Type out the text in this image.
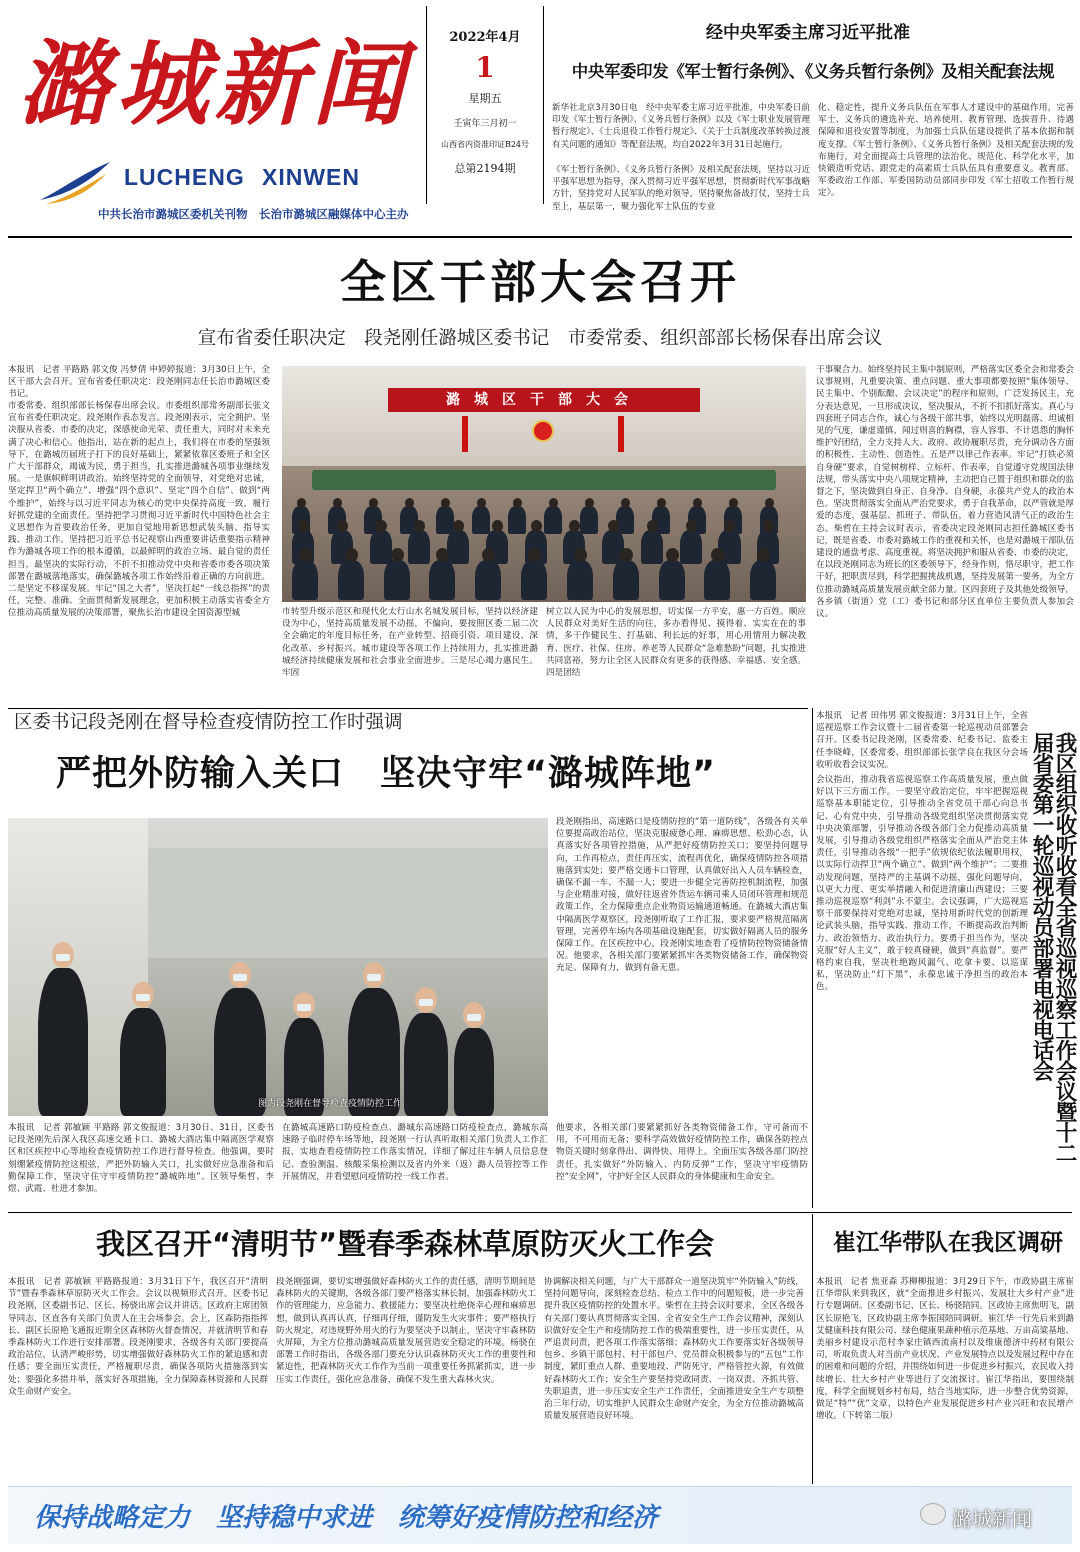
潞城新闻
LUCHENG XINWEN
中共长治市潞城区委机关刊物　长治市潞城区融媒体中心主办
2022年4月
1
星期五
壬寅年三月初一
山西省内资准印证B24号
总第2194期
经中央军委主席习近平批准
中央军委印发《军士暂行条例》、《义务兵暂行条例》及相关配套法规
新华社北京3月30日电　经中央军委主席习近平批准，中央军委日前印发《军士暂行条例》、《义务兵暂行条例》以及《军士职业发展管理暂行规定》、《士兵退役工作暂行规定》、《关于士兵制度改革转换过渡有关问题的通知》等配套法规，均自2022年3月31日起施行。
《军士暂行条例》、《义务兵暂行条例》及相关配套法规，坚持以习近平强军思想为指导，深入贯彻习近平强军思想，贯彻新时代军事战略方针，坚持党对人民军队的绝对领导，坚持聚焦备战打仗，坚持士兵至上，基层第一，聚力强化军士队伍的专业
化、稳定性，提升义务兵队伍在军事人才建设中的基础作用，完善军士、义务兵的遴选补充、培养使用、教育管理、选拔晋升、待遇保障和退役安置等制度，为加强士兵队伍建设提供了基本依据和制度支撑。《军士暂行条例》、《义务兵暂行条例》及相关配套法规的发布施行，对全面提高士兵管理的法治化、规范化、科学化水平，加快锻造听党话、跟党走的高素质士兵队伍具有重要意义。教育部、军委政治工作部、军委国防动员部同步印发《军士招收工作暂行规定》。
全区干部大会召开
宣布省委任职决定　段尧刚任潞城区委书记　市委常委、组织部部长杨保春出席会议
本报讯　记者 平路路 郭文俊 冯梦倩 申婷婷报道：3月30日上午，全区干部大会召开。宣布省委任职决定：段尧刚同志任长治市潞城区委书记。
市委常委、组织部部长杨保春出席会议。市委组织部常务副部长张文宣布省委任职决定。段尧刚作表态发言。段尧刚表示，完全拥护、坚决服从省委、市委的决定，深感使命光荣、责任重大，同时对未来充满了决心和信心。他指出，站在新的起点上，我们将在市委的坚强领导下，在潞城历届班子打下的良好基础上，紧紧依靠区委班子和全区广大干部群众，竭诚为民，勇于担当，扎实推进潞城各项事业继续发展。一是旗帜鲜明讲政治。始终坚持党的全面领导，对党绝对忠诚，坚定捍卫“两个确立”、增强“四个意识”、坚定“四个自信”、做到“两个维护”，始终与以习近平同志为核心的党中央保持高度一致，履行好抓党建的全面责任。坚持把学习贯彻习近平新时代中国特色社会主义思想作为首要政治任务，更加自觉地用新思想武装头脑、指导实践、推动工作。坚持把习近平总书记视察山西重要讲话重要指示精神作为潞城各项工作的根本遵循，以最鲜明的政治立场、最自觉的责任担当，最坚决的实际行动，不折不扣推动党中央和省委市委各项决策部署在潞城落地落实，确保潞城各项工作始终沿着正确的方向前进。二是坚定不移谋发展。牢记“国之大者”，坚决扛起“一线总指挥”的责任，完整、准确、全面贯彻新发展理念，更加积极主动落实省委全方位推动高质量发展的决策部署，聚焦长治市建设全国资源型城
潞城区干部大会
市转型升级示范区和现代化太行山水名城发展目标，坚持以经济建设为中心，坚持高质量发展不动摇，不偏向，要按照区委二届二次全会确定的年度目标任务，在产业转型、招商引资、项目建设、深化改革、乡村振兴、城市建设等各项工作上持续用力，扎实推进潞城经济持续健康发展和社会事业全面进步。三是尽心竭力惠民生。牢固
树立以人民为中心的发展思想，切实保一方平安，惠一方百姓。顺应人民群众对美好生活的向往，多办看得见、摸得着、实实在在的事情，多干作健民生、打基础、利长远的好事，用心用情用力解决教育、医疗、社保、住房、养老等人民群众“急难愁盼”问题，扎实推进共同富裕，努力让全区人民群众有更多的获得感、幸福感、安全感。四是团结
干事聚合力。始终坚持民主集中制原则，严格落实区委全会和常委会议事规则，凡重要决策、重点问题、重大事项都要按照“集体领导、民主集中、个别酝酿、会议决定”的程序和原则，广泛发扬民主，充分表达意见，一旦形成决议，坚决服从，不折不扣抓好落实。真心与四套班子同志合作，诚心与各级干部共事，始终以光明磊落、坦诚相见的气度，谦虚谨慎、闻过则喜的胸襟，容人容事、不计恩怨的胸怀维护好团结，全力支持人大、政府、政协履职尽责，充分调动各方面的积极性、主动性、创造性。五是严以律己作表率。牢记“打铁必须自身硬”要求，自觉树榜样、立标杆、作表率，自觉遵守党规国法律法规，带头落实中央八项规定精神，主动把自己置于组织和群众的监督之下，坚决做到自身正、自身净、自身硬，永葆共产党人的政治本色。坚决贯彻落实全面从严治党要求，勇于自我革命，以严管就是厚爱的态度，强基层、抓班子、带队伍，着力营造风清气正的政治生态。柴哲在主持会议时表示，省委决定段尧刚同志担任潞城区委书记，既是省委、市委对潞城工作的重视和关怀，也是对潞城干部队伍建设的通盘考虑、高度重视。将坚决拥护和服从省委、市委的决定，在以段尧刚同志为班长的区委领导下，经身作则，恪尽职守，把工作干好，把职责尽到，科学把握挑战机遇，坚持发展第一要务，为全方位推动潞城高质量发展贡献全部力量。区四套班子及其他处级领导，各乡镇（街道）党（工）委书记和部分区直单位主要负责人参加会议。
区委书记段尧刚在督导检查疫情防控工作时强调
严把外防输入关口　坚决守牢“潞城阵地”
图为段尧刚在督导检查疫情防控工作
段尧刚指出，高速路口是疫情防控的“第一道防线”，各级各有关单位要提高政治站位，坚决克服疲惫心理、麻痹思想、松劲心态，认真落实好各项管控措施，从严把好疫情防控关口；要坚持问题导向，工作再检点，责任再压实，流程再优化，确保疫情防控各项措施落到实处；要严格交通卡口管理，认真做好出入人员车辆检查，确保不漏一车、不漏一人；要进一步健全完善防控机制流程，加强与企业精准对接，做好往返省外货运车辆司乘人员闭环管理和规范政策工作，全力保障重点企业物资运输通道畅通。在潞城大酒店集中隔离医学观察区，段尧刚听取了工作汇报，要求要严格规范隔离管理，完善停车场内各项基础设施配套，切实做好隔离人员的服务保障工作。在区疾控中心，段尧刚实地查看了疫情防控物资储备情况。他要求，各相关部门要紧紧抓牢各类物资储备工作，确保物资充足、保障有力，做到有备无患。
本报讯　记者 郭敏颖 平路路 郭文俊报道：3月30日、31日，区委书记段尧刚先后深入我区高速交通卡口、潞城大酒店集中隔离医学观察区和区疾控中心等地检查疫情防控工作进行督导检查。他强调，要时刻绷紧疫情防控这根弦，严把外防输入关口，扎实做好应急准备和后勤保障工作，坚决守住守牢疫情防控“潞城阵地”。区领导柴哲、李煜、武霞、杜进才参加。
在潞城高速路口防疫检查点、潞城东高速路口防疫检查点，潞城东高速路子临时停车场等地，段尧刚一行认真听取相关部门负责人工作汇报，实地查看疫情防控工作落实情况，详细了解过往车辆人员信息登记、查验测温、核酸采集检测以及省内外来（返）潞人员管控等工作开展情况，并看望慰问疫情防控一线工作者。
他要求，各相关部门要紧紧抓好各类物资储备工作，守可备而不用，不可用而无备；要科学高效做好疫情防控工作，确保各防控点物资关键时刻拿得出、调得快、用得上。全面压实各级各部门防控责任，扎实做好“外防输入、内防反弹”工作，坚决守牢疫情防控“安全网”，守护好全区人民群众的身体健康和生命安全。
本报讯　记者 田伟男 郭文俊报道：3月31日上午，全省巡视巡察工作会议暨十二届省委第一轮巡视动员部署会召开。区委书记段尧刚，区委常委、纪委书记、监委主任李晓峰，区委常委、组织部部长张学良在我区分会场收听收看会议实况。
会议指出，推动我省巡视巡察工作高质量发展，重点做好以下三方面工作。一要坚守政治定位，牢牢把握巡视巡察基本职能定位，引导推动全省党员干部心向总书记、心有党中央，引导推动各级党组织坚决贯彻落实党中央决策部署，引导推动各级各部门全力促推动高质量发展，引导推动各级党组织严格落实全面从严治党主体责任，引导推动各级“一把手”依规依纪依法履职用权，以实际行动捍卫“两个确立”、做到“两个维护”；二要推动发现问题，坚持严的主基调不动摇，强化问题导向，以更大力度、更实举措融入和促进清廉山西建设；三要推动巡视巡察“利剑”永不蒙尘。会议强调，广大巡视巡察干部要保持对党绝对忠诚，坚持用新时代党的创新理论武装头脑，指导实践、推动工作，不断提高政治判断力、政治领悟力、政治执行力。要勇于担当作为，坚决克服“好人主义”，敢于较真碰硬，做到“真监督”。要严格约束自我，坚决杜绝跑风漏气、吃拿卡要、以巡谋私，坚决防止“灯下黑”，永葆忠诚干净担当的政治本色。	我区组织收听收看全省巡视巡察工作会议暨十二届省委第一轮巡视动员部署电视电话会
我区召开“清明节”暨春季森林草原防灭火工作会
本报讯　记者 郭敏颖 平路路报道：3月31日下午，我区召开“清明节”暨春季森林草原防灭火工作会。会议以视频形式召开。区委书记段尧刚，区委副书记、区长、杨骁出席会议并讲话。区政府主席团领导同志，区直各有关部门负责人在主会场参会。会上，区森防指指挥长、副区长原艳飞通报近期全区森林防火督查情况，并就清明节和春季森林防火工作进行安排部署。段尧刚要求，各级各有关部门要提高政治站位，认清严峻形势，切实增强做好森林防火工作的紧迫感和责任感；要全面压实责任，严格履职尽责，确保各项防火措施落到实处；要强化多措并举，落实好各项措施，全力保障森林资源和人民群众生命财产安全。
段尧刚强调，要切实增强做好森林防火工作的责任感，清明节期间是森林防火的关键期，各级各部门要严格落实林长制，加强森林防火工作的管理能力，应急能力、救援能力；要坚决杜绝侥幸心理和麻痹思想，做到认真再认真，仔细再仔细，谨防发生火灾事件；要严格执行防火规定，对违规野外用火的行为要坚决予以制止，坚决守牢森林防火屏障，为全方位推动潞城高质量发展营造安全稳定的环境。杨骁在部署工作时指出，各级各部门要充分认识森林防灭火工作的重要性和紧迫性，把森林防灭火工作作为当前一项重要任务抓紧抓实，进一步压实工作责任，强化应急准备，确保不发生重大森林火灾。
协调解决相关问题，与广大干部群众一道坚决筑牢“外防输入”防线，坚持问题导向，深刻检查总结、检点工作中的问题短板，进一步完善提升我区疫情防控的处置水平。柴哲在主持会议时要求，全区各级各有关部门要认真贯彻落实全国、全省安全生产工作会议精神，深刻认识做好安全生产和疫情防控工作的极端重要性，进一步压实责任，从严追责问责，把各项工作落实落细；森林防火工作要落实好各级领导包乡、乡镇干部包村、村干部包户、党员群众积极参与的“五包”工作制度，紧盯重点人群、重要地段、严防死守，严格管控火源，有效做好森林防火工作；安全生产要坚持党政同责、一岗双责、齐抓共管、失职追责，进一步压实安全生产工作责任，全面推进安全生产专项整治三年行动，切实维护人民群众生命财产安全，为全方位推动潞城高质量发展营造良好环境。
崔江华带队在我区调研
本报讯　记者 焦亚森 苏柳柳报道：3月29日下午，市政协副主席崔江华带队来到我区，就“全面推进乡村振兴、发展壮大乡村产业”进行专题调研。区委副书记、区长、杨骁陪同。区政协主席焦明飞，副区长原艳飞，区政协副主席李振国陪同调研。崔江华一行先后来到潞艾健康科技有限公司、绿色健康果蔬种植示范基地、万亩高粱基地、美丽乡村建设示范村李家庄镇西流南村以及维康德济中药材有限公司，听取负责人对当前产业状况、产业发展特点以及发展过程中存在的困难和问题的介绍，并围绕如何进一步促进乡村振兴，农民收入持续增长、壮大乡村产业等进行了交流探讨。崔江华指出，要围绕制度，科学全面规划乡村布局，结合当地实际，进一步整合优势资源，做足“特”“优”文章，以特色产业发展促进乡村产业兴旺和农民增产增收。（下转第二版）
保持战略定力　坚持稳中求进　统筹好疫情防控和经济	潞城新闻
